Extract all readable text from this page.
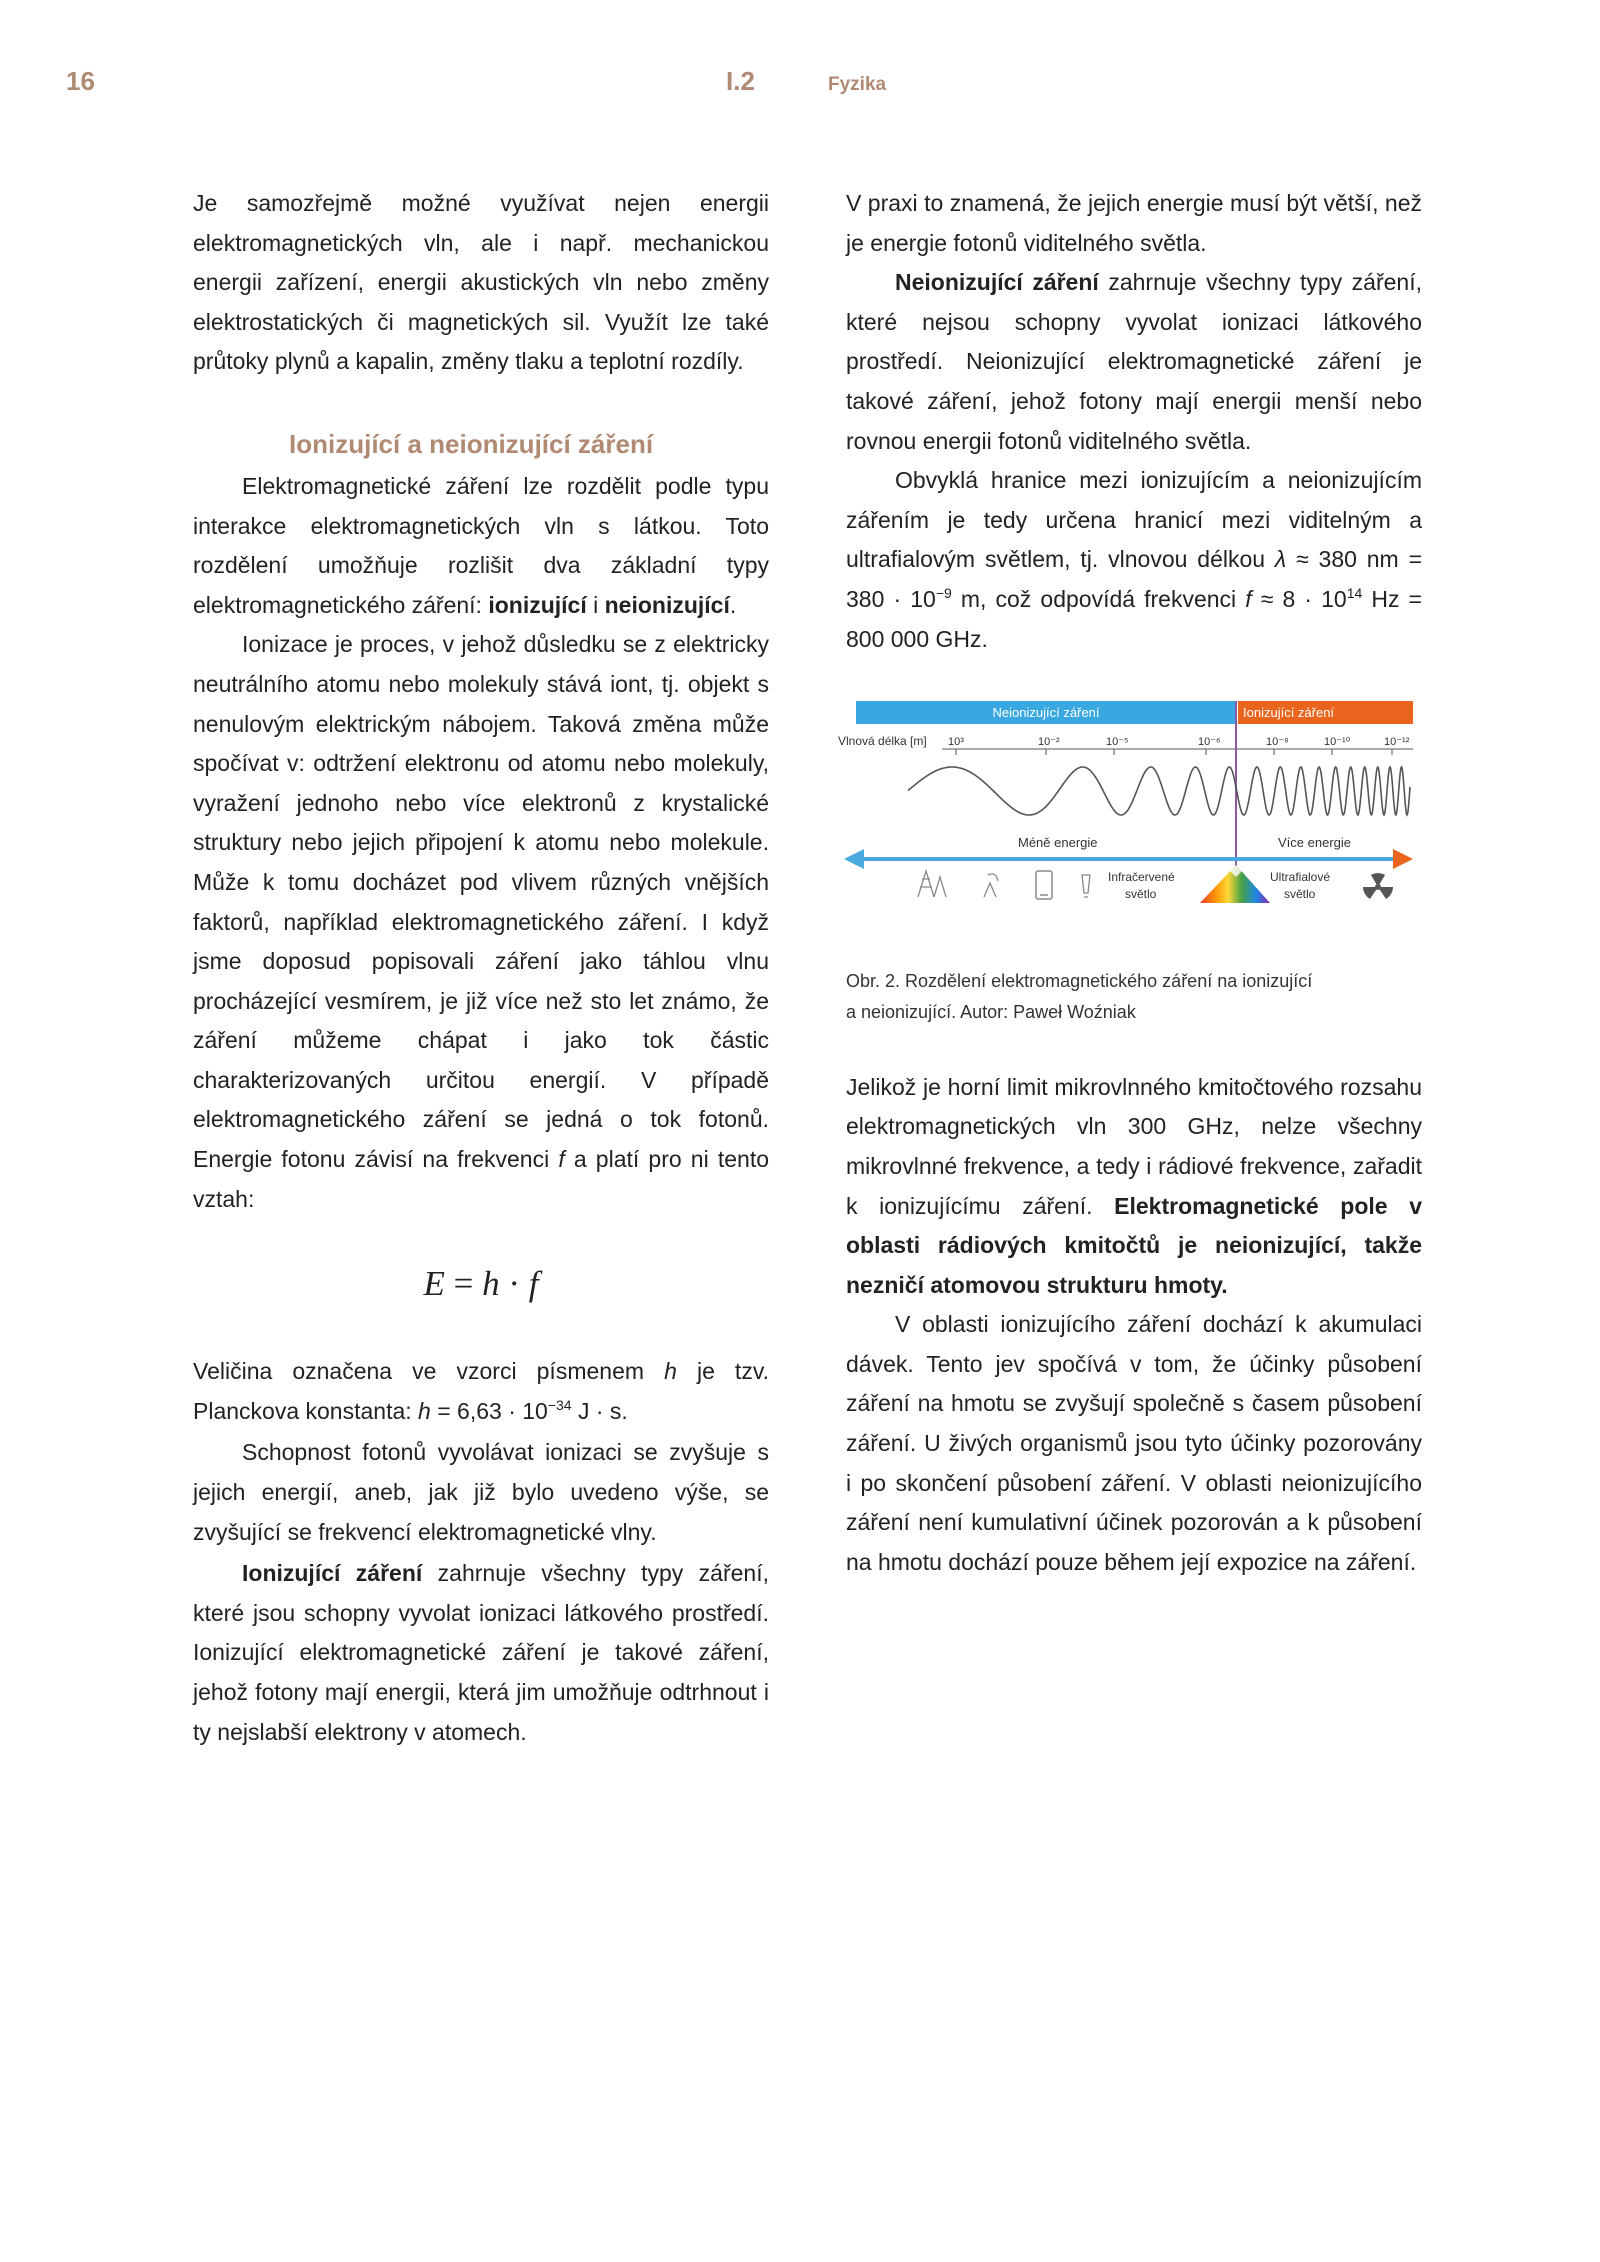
16	I.2	Fyzika

Je samozřejmě možné využívat nejen energii elektromagnetických vln, ale i např. mechanickou energii zařízení, energii akustických vln nebo změny elektrostatických či magnetických sil. Využít lze také průtoky plynů a kapalin, změny tlaku a teplotní rozdíly.

Ionizující a neionizující záření

Elektromagnetické záření lze rozdělit podle typu interakce elektromagnetických vln s látkou. Toto rozdělení umožňuje rozlišit dva základní typy elektromagnetického záření: ionizující i neionizující.

Ionizace je proces, v jehož důsledku se z elektricky neutrálního atomu nebo molekuly stává iont, tj. objekt s nenulovým elektrickým nábojem. Taková změna může spočívat v: odtržení elektronu od atomu nebo molekuly, vyražení jednoho nebo více elektronů z krystalické struktury nebo jejich připojení k atomu nebo molekule. Může k tomu docházet pod vlivem různých vnějších faktorů, například elektromagnetického záření. I když jsme doposud popisovali záření jako táhlou vlnu procházející vesmírem, je již více než sto let známo, že záření můžeme chápat i jako tok částic charakterizovaných určitou energií. V případě elektromagnetického záření se jedná o tok fotonů. Energie fotonu závisí na frekvenci f a platí pro ni tento vztah:

E = h · f

Veličina označena ve vzorci písmenem h je tzv. Planckova konstanta: $h = 6,63 \cdot 10^{-34}$ J · s.

Schopnost fotonů vyvolávat ionizaci se zvyšuje s jejich energií, aneb, jak již bylo uvedeno výše, se zvyšující se frekvencí elektromagnetické vlny.

Ionizující záření zahrnuje všechny typy záření, které jsou schopny vyvolat ionizaci látkového prostředí. Ionizující elektromagnetické záření je takové záření, jehož fotony mají energii, která jim umožňuje odtrhnout i ty nejslabší elektrony v atomech.

V praxi to znamená, že jejich energie musí být větší, než je energie fotonů viditelného světla.

Neionizující záření zahrnuje všechny typy záření, které nejsou schopny vyvolat ionizaci látkového prostředí. Neionizující elektromagnetické záření je takové záření, jehož fotony mají energii menší nebo rovnou energii fotonů viditelného světla.

Obvyklá hranice mezi ionizujícím a neionizujícím zářením je tedy určena hranicí mezi viditelným a ultrafialovým světlem, tj. vlnovou délkou λ ≈ 380 nm = $380 \cdot 10^{-9}$ m, což odpovídá frekvenci $f \approx 8 \cdot 10^{14}$ Hz = 800 000 GHz.

Neionizující záření	Ionizující záření
Vlnová délka [m] 10³	10⁻²	10⁻⁵	10⁻⁶	10⁻⁸	10⁻¹⁰	10⁻¹²
Méně energie	Více energie
Infračervené
světlo
Ultrafialové
světlo

Obr. 2. Rozdělení elektromagnetického záření na ionizující
a neionizující. Autor: Paweł Woźniak

Jelikož je horní limit mikrovlnného kmitočtového rozsahu elektromagnetických vln 300 GHz, nelze všechny mikrovlnné frekvence, a tedy i rádiové frekvence, zařadit k ionizujícímu záření. Elektromagnetické pole v oblasti rádiových kmitočtů je neionizující, takže nezničí atomovou strukturu hmoty.

V oblasti ionizujícího záření dochází k akumulaci dávek. Tento jev spočívá v tom, že účinky působení záření na hmotu se zvyšují společně s časem působení záření. U živých organismů jsou tyto účinky pozorovány i po skončení působení záření. V oblasti neionizujícího záření není kumulativní účinek pozorován a k působení na hmotu dochází pouze během její expozice na záření.
